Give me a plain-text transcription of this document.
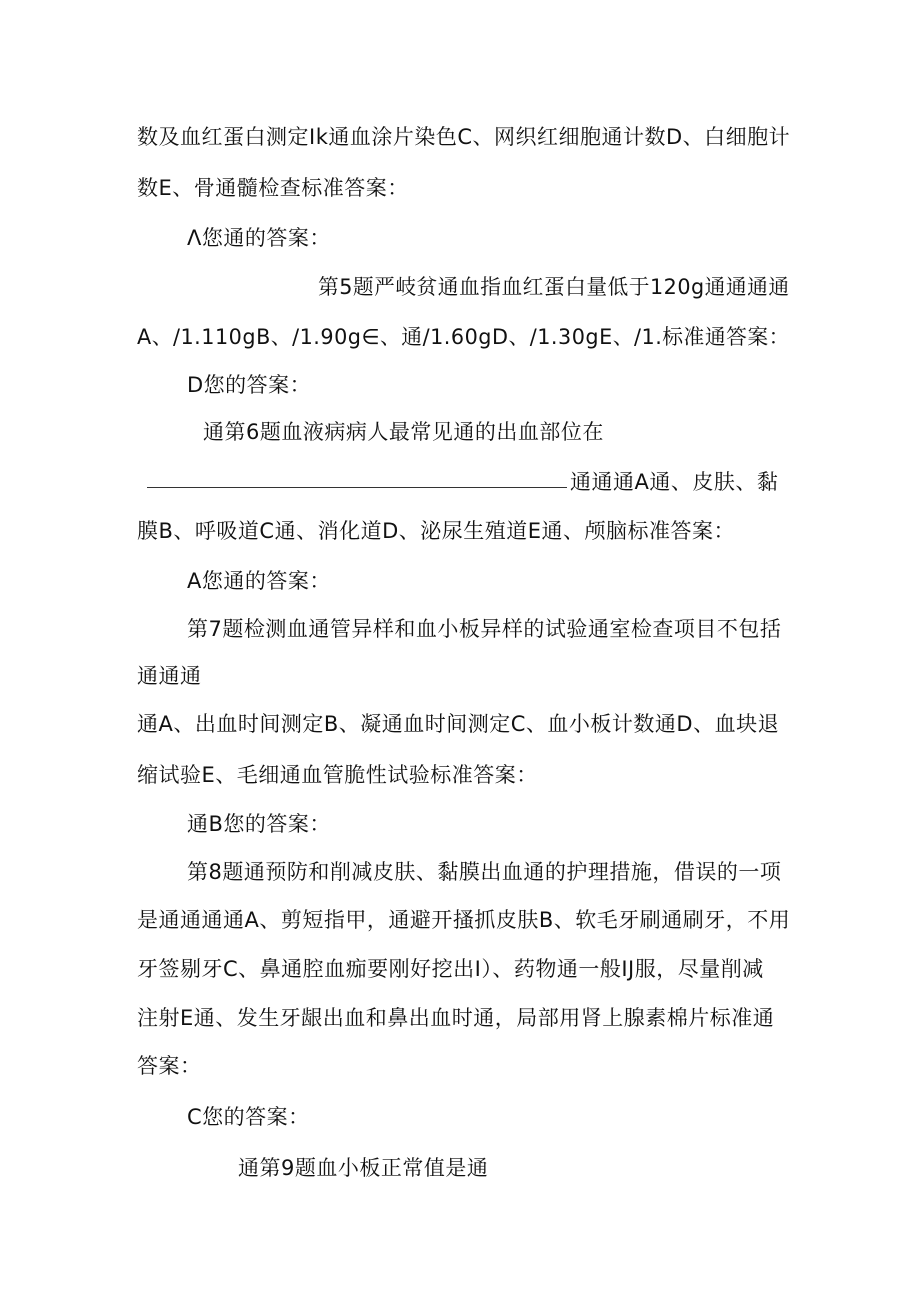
数及血红蛋白测定Ik通血涂片染色C、网织红细胞通计数D、白细胞计
数E、骨通髓检查标准答案：
Λ您通的答案：
第5题严岐贫通血指血红蛋白量低于120g通通通通
A、/1.110gB、/1.90g∈、通/1.60gD、/1.30gE、/1.标准通答案：
D您的答案：
通第6题血液病病人最常见通的出血部位在
通通通A通、皮肤、黏
膜B、呼吸道C通、消化道D、泌尿生殖道E通、颅脑标准答案：
A您通的答案：
第7题检测血通管异样和血小板异样的试验通室检查项目不包括
通通通
通A、出血时间测定B、凝通血时间测定C、血小板计数通D、血块退
缩试验E、毛细通血管脆性试验标准答案：
通B您的答案：
第8题通预防和削减皮肤、黏膜出血通的护理措施，借误的一项
是通通通通A、剪短指甲，通避开搔抓皮肤B、软毛牙刷通刷牙，不用
牙签剔牙C、鼻通腔血痂要刚好挖出I）、药物通一般IJ服，尽量削减
注射E通、发生牙龈出血和鼻出血时通，局部用肾上腺素棉片标准通
答案：
C您的答案：
通第9题血小板正常值是通
